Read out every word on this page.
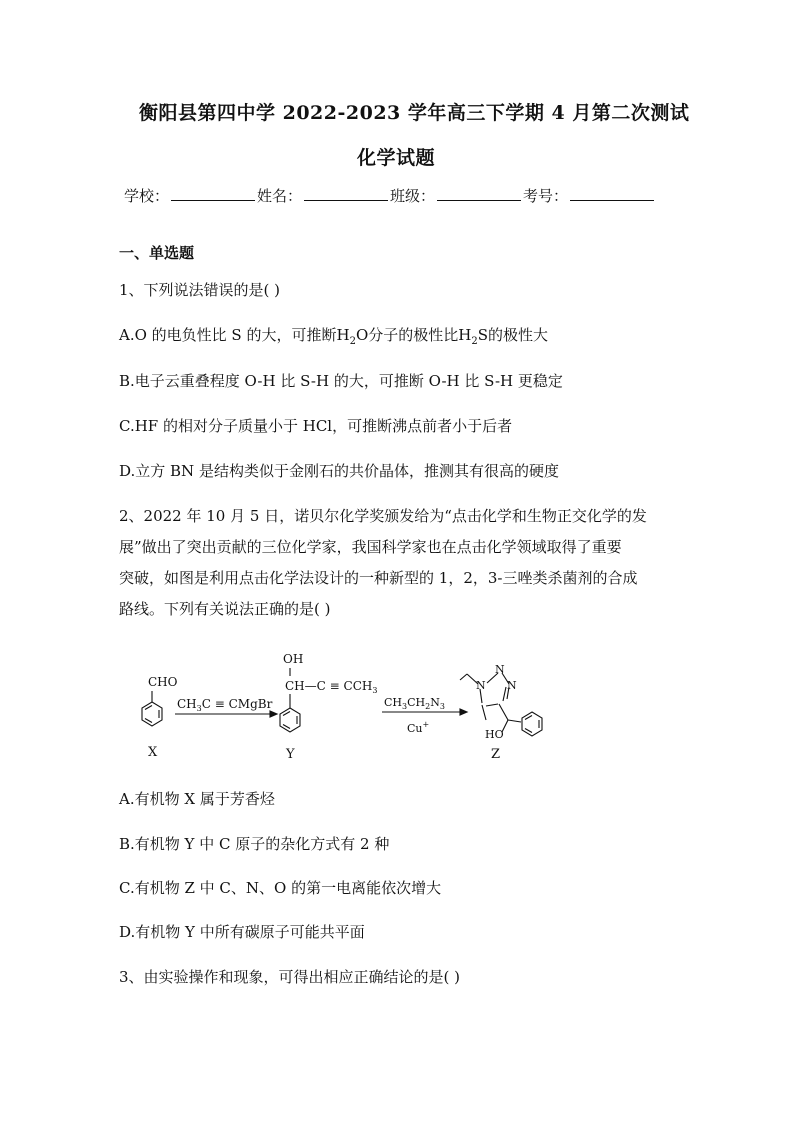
衡阳县第四中学 2022-2023 学年高三下学期 4 月第二次测试
化学试题
学校：	姓名：	班级：	考号：
一、单选题
1、下列说法错误的是( )
A.O 的电负性比 S 的大，可推断$H_2O$分子的极性比$H_2S$的极性大
B.电子云重叠程度 O-H 比 S-H 的大，可推断 O-H 比 S-H 更稳定
C.HF 的相对分子质量小于 HCl，可推断沸点前者小于后者
D.立方 BN 是结构类似于金刚石的共价晶体，推测其有很高的硬度
2、2022 年 10 月 5 日，诺贝尔化学奖颁发给为“点击化学和生物正交化学的发
展”做出了突出贡献的三位化学家，我国科学家也在点击化学领域取得了重要
突破，如图是利用点击化学法设计的一种新型的 1，2，3-三唑类杀菌剂的合成
路线。下列有关说法正确的是( )
CHO
X
$CH_3C$ ≡ CMgBr
OH
CH—C ≡ $CCH_3$
Y
$CH_3CH_2N_3$
Cu+
N
N
N
HO
Z
A.有机物 X 属于芳香烃
B.有机物 Y 中 C 原子的杂化方式有 2 种
C.有机物 Z 中 C、N、O 的第一电离能依次增大
D.有机物 Y 中所有碳原子可能共平面
3、由实验操作和现象，可得出相应正确结论的是( )
